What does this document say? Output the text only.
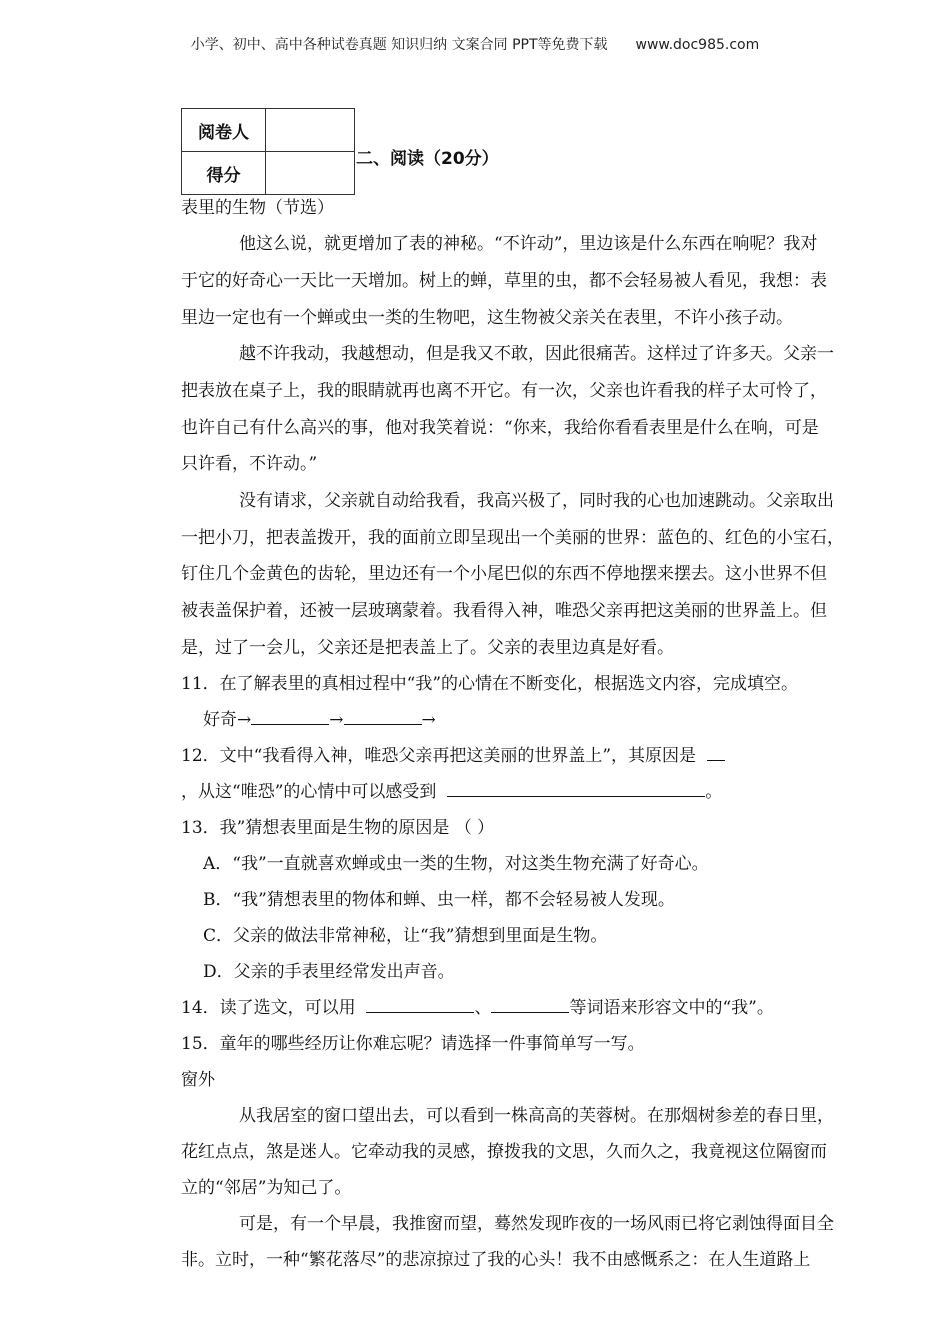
小学、初中、高中各种试卷真题 知识归纳 文案合同 PPT等免费下载 www.doc985.com
阅卷人	
得分	
二、阅读（20分）
表里的生物（节选）
他这么说，就更增加了表的神秘。“不许动”，里边该是什么东西在响呢？我对
于它的好奇心一天比一天增加。树上的蝉，草里的虫，都不会轻易被人看见，我想：表
里边一定也有一个蝉或虫一类的生物吧，这生物被父亲关在表里，不许小孩子动。
越不许我动，我越想动，但是我又不敢，因此很痛苦。这样过了许多天。父亲一
把表放在桌子上，我的眼睛就再也离不开它。有一次，父亲也许看我的样子太可怜了，
也许自己有什么高兴的事，他对我笑着说：“你来，我给你看看表里是什么在响，可是
只许看，不许动。”
没有请求，父亲就自动给我看，我高兴极了，同时我的心也加速跳动。父亲取出
一把小刀，把表盖拨开，我的面前立即呈现出一个美丽的世界：蓝色的、红色的小宝石，
钉住几个金黄色的齿轮，里边还有一个小尾巴似的东西不停地摆来摆去。这小世界不但
被表盖保护着，还被一层玻璃蒙着。我看得入神，唯恐父亲再把这美丽的世界盖上。但
是，过了一会儿，父亲还是把表盖上了。父亲的表里边真是好看。
11．在了解表里的真相过程中“我”的心情在不断变化，根据选文内容，完成填空。
好奇→	→	→
12．文中“我看得入神，唯恐父亲再把这美丽的世界盖上”，其原因是
，从这“唯恐”的心情中可以感受到	。
13．我”猜想表里面是生物的原因是 （ ）
A．“我”一直就喜欢蝉或虫一类的生物，对这类生物充满了好奇心。
B．“我”猜想表里的物体和蝉、虫一样，都不会轻易被人发现。
C．父亲的做法非常神秘，让“我”猜想到里面是生物。
D．父亲的手表里经常发出声音。
14．读了选文，可以用	、	等词语来形容文中的“我”。
15．童年的哪些经历让你难忘呢？请选择一件事简单写一写。
窗外
从我居室的窗口望出去，可以看到一株高高的芙蓉树。在那烟树参差的春日里，
花红点点，煞是迷人。它牵动我的灵感，撩拨我的文思，久而久之，我竟视这位隔窗而
立的“邻居”为知己了。
可是，有一个早晨，我推窗而望，蓦然发现昨夜的一场风雨已将它剥蚀得面目全
非。立时，一种“繁花落尽”的悲凉掠过了我的心头！我不由感慨系之：在人生道路上
